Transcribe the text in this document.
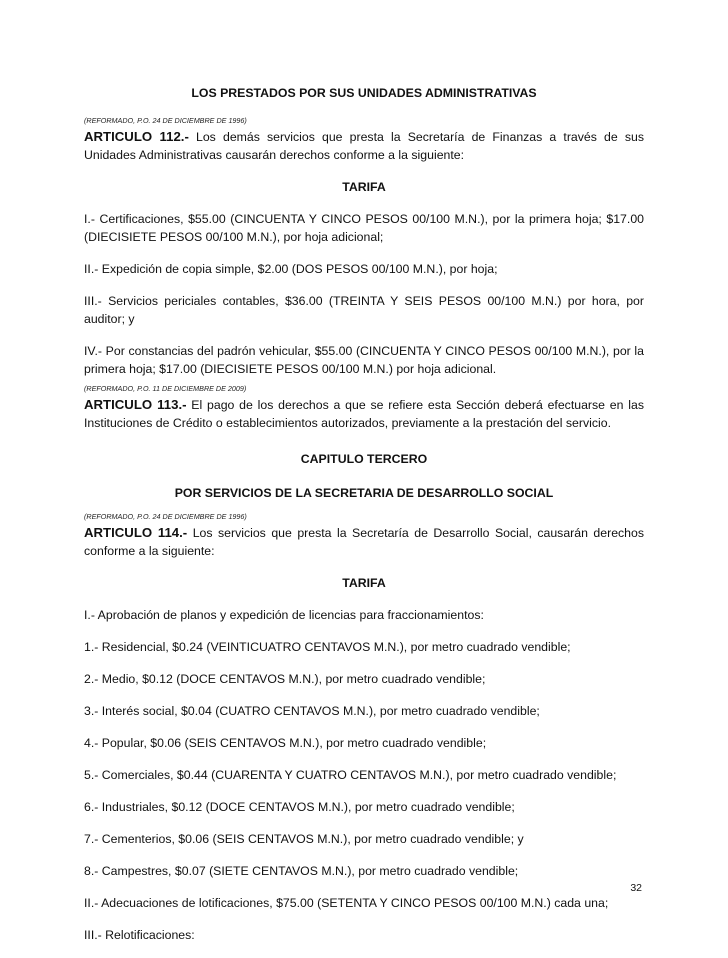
LOS PRESTADOS POR SUS UNIDADES ADMINISTRATIVAS
(REFORMADO, P.O. 24 DE DICIEMBRE DE 1996)

ARTICULO 112.- Los demás servicios que presta la Secretaría de Finanzas a través de sus Unidades Administrativas causarán derechos conforme a la siguiente:

TARIFA

I.- Certificaciones, $55.00 (CINCUENTA Y CINCO PESOS 00/100 M.N.), por la primera hoja; $17.00 (DIECISIETE PESOS 00/100 M.N.), por hoja adicional;

II.- Expedición de copia simple, $2.00 (DOS PESOS 00/100 M.N.), por hoja;

III.- Servicios periciales contables, $36.00 (TREINTA Y SEIS PESOS 00/100 M.N.) por hora, por auditor; y

IV.- Por constancias del padrón vehicular, $55.00 (CINCUENTA Y CINCO PESOS 00/100 M.N.), por la primera hoja; $17.00 (DIECISIETE PESOS 00/100 M.N.) por hoja adicional.

(REFORMADO, P.O. 11 DE DICIEMBRE DE 2009)

ARTICULO 113.- El pago de los derechos a que se refiere esta Sección deberá efectuarse en las Instituciones de Crédito o establecimientos autorizados, previamente a la prestación del servicio.

CAPITULO TERCERO
POR SERVICIOS DE LA SECRETARIA DE DESARROLLO SOCIAL
(REFORMADO, P.O. 24 DE DICIEMBRE DE 1996)

ARTICULO 114.- Los servicios que presta la Secretaría de Desarrollo Social, causarán derechos conforme a la siguiente:

TARIFA

I.- Aprobación de planos y expedición de licencias para fraccionamientos:

1.- Residencial, $0.24 (VEINTICUATRO CENTAVOS M.N.), por metro cuadrado vendible;

2.- Medio, $0.12 (DOCE CENTAVOS M.N.), por metro cuadrado vendible;

3.- Interés social, $0.04 (CUATRO CENTAVOS M.N.), por metro cuadrado vendible;

4.- Popular, $0.06 (SEIS CENTAVOS M.N.), por metro cuadrado vendible;

5.- Comerciales, $0.44 (CUARENTA Y CUATRO CENTAVOS M.N.), por metro cuadrado vendible;

6.- Industriales, $0.12 (DOCE CENTAVOS M.N.), por metro cuadrado vendible;

7.- Cementerios, $0.06 (SEIS CENTAVOS M.N.), por metro cuadrado vendible; y

8.- Campestres, $0.07 (SIETE CENTAVOS M.N.), por metro cuadrado vendible;

II.- Adecuaciones de lotificaciones, $75.00 (SETENTA Y CINCO PESOS 00/100 M.N.) cada una;

III.- Relotificaciones:

32
